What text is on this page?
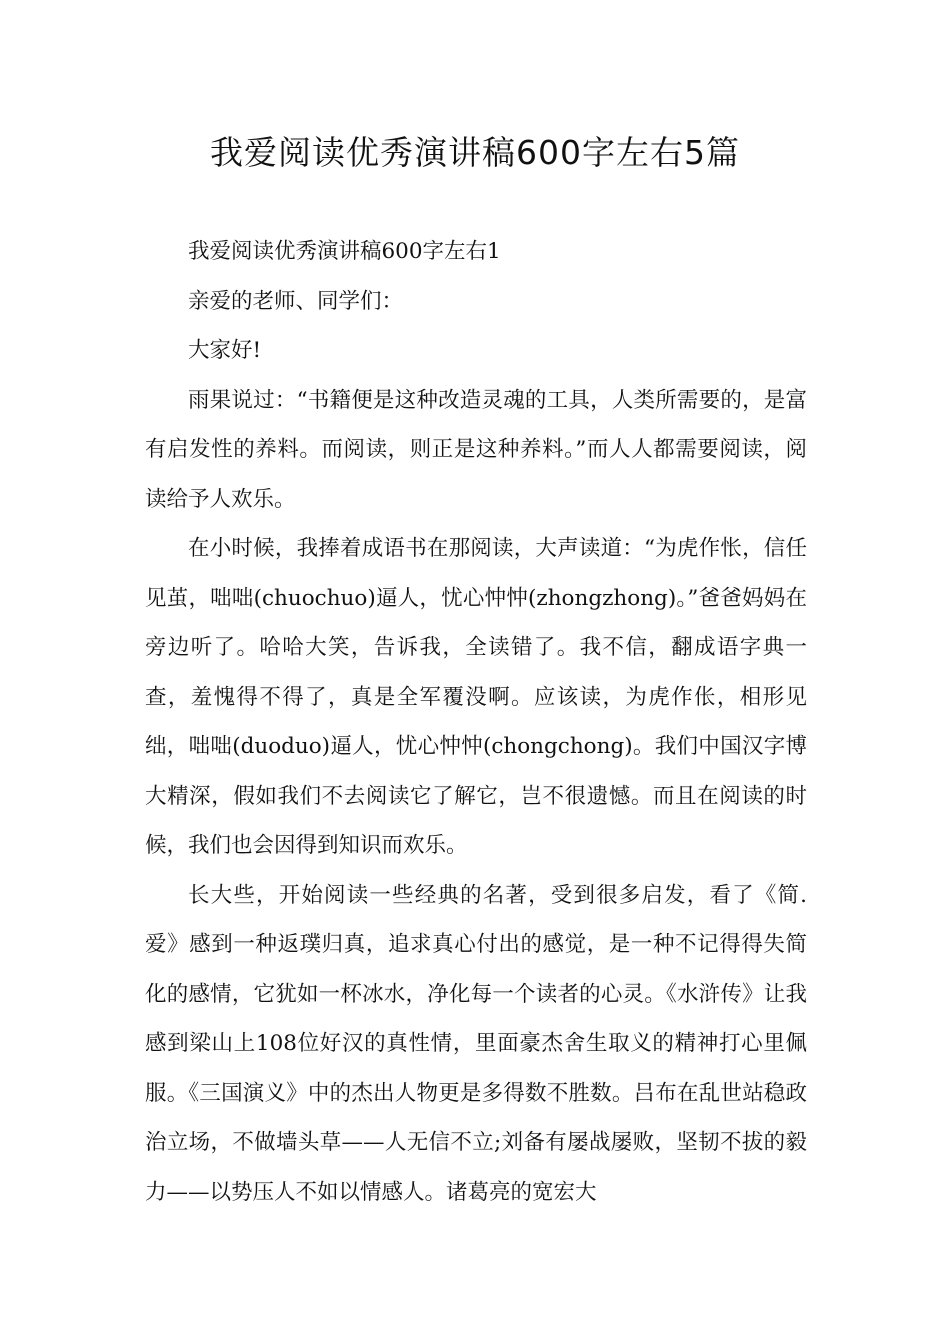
我爱阅读优秀演讲稿600字左右5篇

我爱阅读优秀演讲稿600字左右1

亲爱的老师、同学们：

大家好!

雨果说过：“书籍便是这种改造灵魂的工具，人类所需要的，是富有启发性的养料。而阅读，则正是这种养料。”而人人都需要阅读，阅读给予人欢乐。

在小时候，我捧着成语书在那阅读，大声读道：“为虎作怅，信任见茧，咄咄(chuochuo)逼人，忧心忡忡(zhongzhong)。”爸爸妈妈在旁边听了。哈哈大笑，告诉我，全读错了。我不信，翻成语字典一查，羞愧得不得了，真是全军覆没啊。应该读，为虎作伥，相形见绌，咄咄(duoduo)逼人，忧心忡忡(chongchong)。我们中国汉字博大精深，假如我们不去阅读它了解它，岂不很遗憾。而且在阅读的时候，我们也会因得到知识而欢乐。

长大些，开始阅读一些经典的名著，受到很多启发，看了《简.爱》感到一种返璞归真，追求真心付出的感觉，是一种不记得得失简化的感情，它犹如一杯冰水，净化每一个读者的心灵。《水浒传》让我感到梁山上108位好汉的真性情，里面豪杰舍生取义的精神打心里佩服。《三国演义》中的杰出人物更是多得数不胜数。吕布在乱世站稳政治立场，不做墙头草——人无信不立;刘备有屡战屡败，坚韧不拔的毅力——以势压人不如以情感人。诸葛亮的宽宏大
